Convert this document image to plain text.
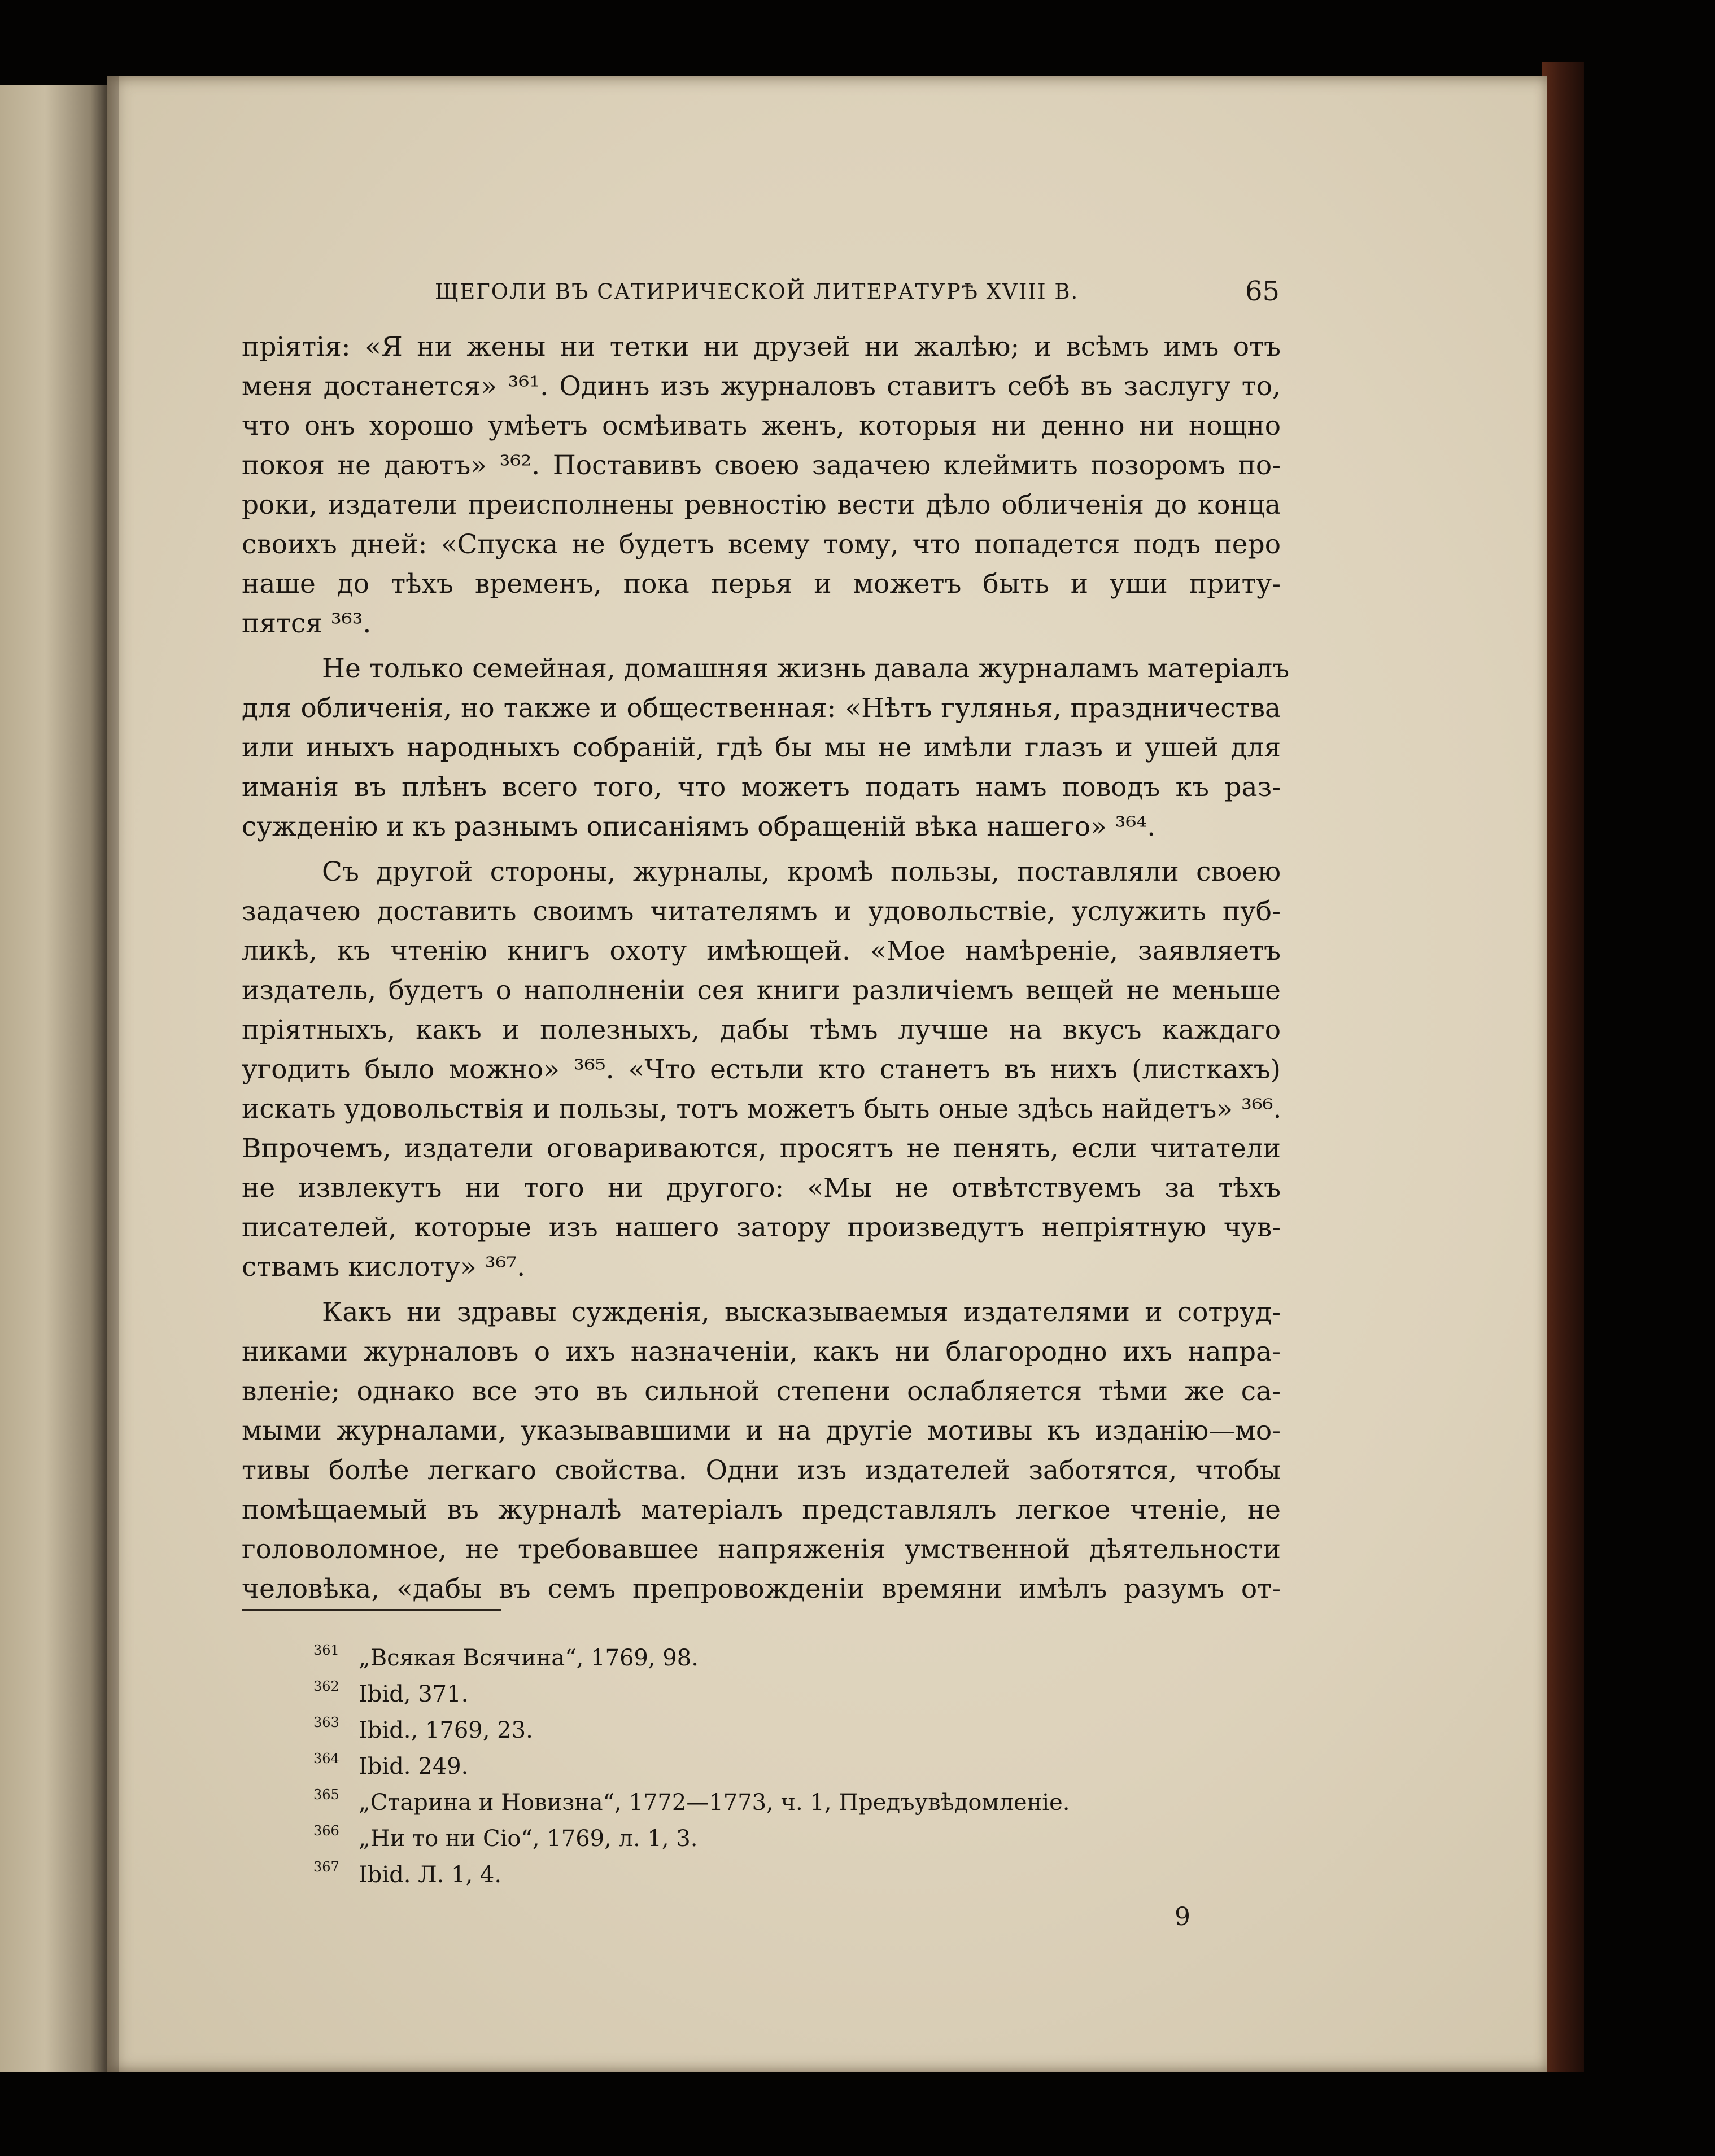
ЩЕГОЛИ ВЪ САТИРИЧЕСКОЙ ЛИТЕРАТУРѢ XVIII В.	65
пріятія: «Я ни жены ни тетки ни друзей ни жалѣю; и всѣмъ имъ отъ
меня достанется» ³⁶¹. Одинъ изъ журналовъ ставитъ себѣ въ заслугу то,
что онъ хорошо умѣетъ осмѣивать женъ, которыя ни денно ни нощно
покоя не даютъ» ³⁶². Поставивъ своею задачею клеймить позоромъ по-
роки, издатели преисполнены ревностію вести дѣло обличенія до конца
своихъ дней: «Спуска не будетъ всему тому, что попадется подъ перо
наше до тѣхъ временъ, пока перья и можетъ быть и уши приту-
пятся ³⁶³.
Не только семейная, домашняя жизнь давала журналамъ матеріалъ
для обличенія, но также и общественная: «Нѣтъ гулянья, праздничества
или иныхъ народныхъ собраній, гдѣ бы мы не имѣли глазъ и ушей для
иманія въ плѣнъ всего того, что можетъ подать намъ поводъ къ раз-
сужденію и къ разнымъ описаніямъ обращеній вѣка нашего» ³⁶⁴.
Съ другой стороны, журналы, кромѣ пользы, поставляли своею
задачею доставить своимъ читателямъ и удовольствіе, услужить пуб-
ликѣ, къ чтенію книгъ охоту имѣющей. «Мое намѣреніе, заявляетъ
издатель, будетъ о наполненіи сея книги различіемъ вещей не меньше
пріятныхъ, какъ и полезныхъ, дабы тѣмъ лучше на вкусъ каждаго
угодить было можно» ³⁶⁵. «Что естьли кто станетъ въ нихъ (листкахъ)
искать удовольствія и пользы, тотъ можетъ быть оные здѣсь найдетъ» ³⁶⁶.
Впрочемъ, издатели оговариваются, просятъ не пенять, если читатели
не извлекутъ ни того ни другого: «Мы не отвѣтствуемъ за тѣхъ
писателей, которые изъ нашего затору произведутъ непріятную чув-
ствамъ кислоту» ³⁶⁷.
Какъ ни здравы сужденія, высказываемыя издателями и сотруд-
никами журналовъ о ихъ назначеніи, какъ ни благородно ихъ напра-
вленіе; однако все это въ сильной степени ослабляется тѣми же са-
мыми журналами, указывавшими и на другіе мотивы къ изданію—мо-
тивы болѣе легкаго свойства. Одни изъ издателей заботятся, чтобы
помѣщаемый въ журналѣ матеріалъ представлялъ легкое чтеніе, не
головоломное, не требовавшее напряженія умственной дѣятельности
человѣка, «дабы въ семъ препровожденіи времяни имѣлъ разумъ от-
361 „Всякая Всячина“, 1769, 98.
362 Ibid, 371.
363 Ibid., 1769, 23.
364 Ibid. 249.
365 „Старина и Новизна“, 1772—1773, ч. 1, Предъувѣдомленіе.
366 „Ни то ни Сіо“, 1769, л. 1, 3.
367 Ibid. Л. 1, 4.
9
